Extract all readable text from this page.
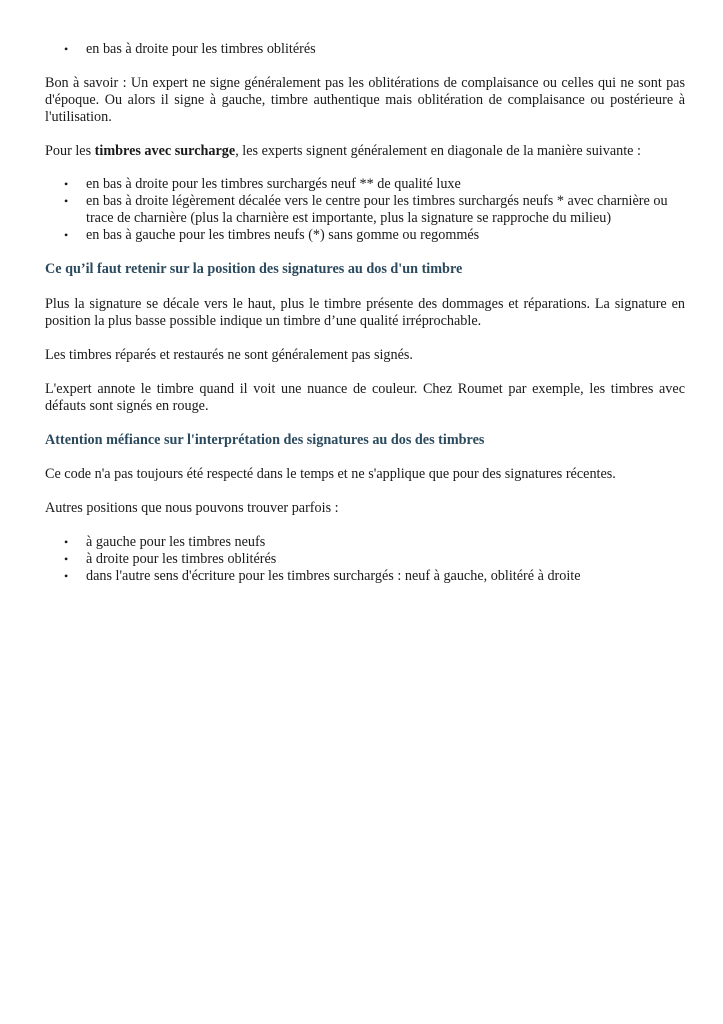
• en bas à droite pour les timbres oblitérés

Bon à savoir : Un expert ne signe généralement pas les oblitérations de complaisance ou celles qui ne sont pas d'époque. Ou alors il signe à gauche, timbre authentique mais oblitération de complaisance ou postérieure à l'utilisation.

Pour les timbres avec surcharge, les experts signent généralement en diagonale de la manière suivante :

• en bas à droite pour les timbres surchargés neuf ** de qualité luxe
• en bas à droite légèrement décalée vers le centre pour les timbres surchargés neufs * avec charnière ou trace de charnière (plus la charnière est importante, plus la signature se rapproche du milieu)
• en bas à gauche pour les timbres neufs (*) sans gomme ou regommés

Ce qu’il faut retenir sur la position des signatures au dos d'un timbre

Plus la signature se décale vers le haut, plus le timbre présente des dommages et réparations. La signature en position la plus basse possible indique un timbre d’une qualité irréprochable.

Les timbres réparés et restaurés ne sont généralement pas signés.

L'expert annote le timbre quand il voit une nuance de couleur. Chez Roumet par exemple, les timbres avec défauts sont signés en rouge.

Attention méfiance sur l'interprétation des signatures au dos des timbres

Ce code n'a pas toujours été respecté dans le temps et ne s'applique que pour des signatures récentes.

Autres positions que nous pouvons trouver parfois :

• à gauche pour les timbres neufs
• à droite pour les timbres oblitérés
• dans l'autre sens d'écriture pour les timbres surchargés : neuf à gauche, oblitéré à droite
